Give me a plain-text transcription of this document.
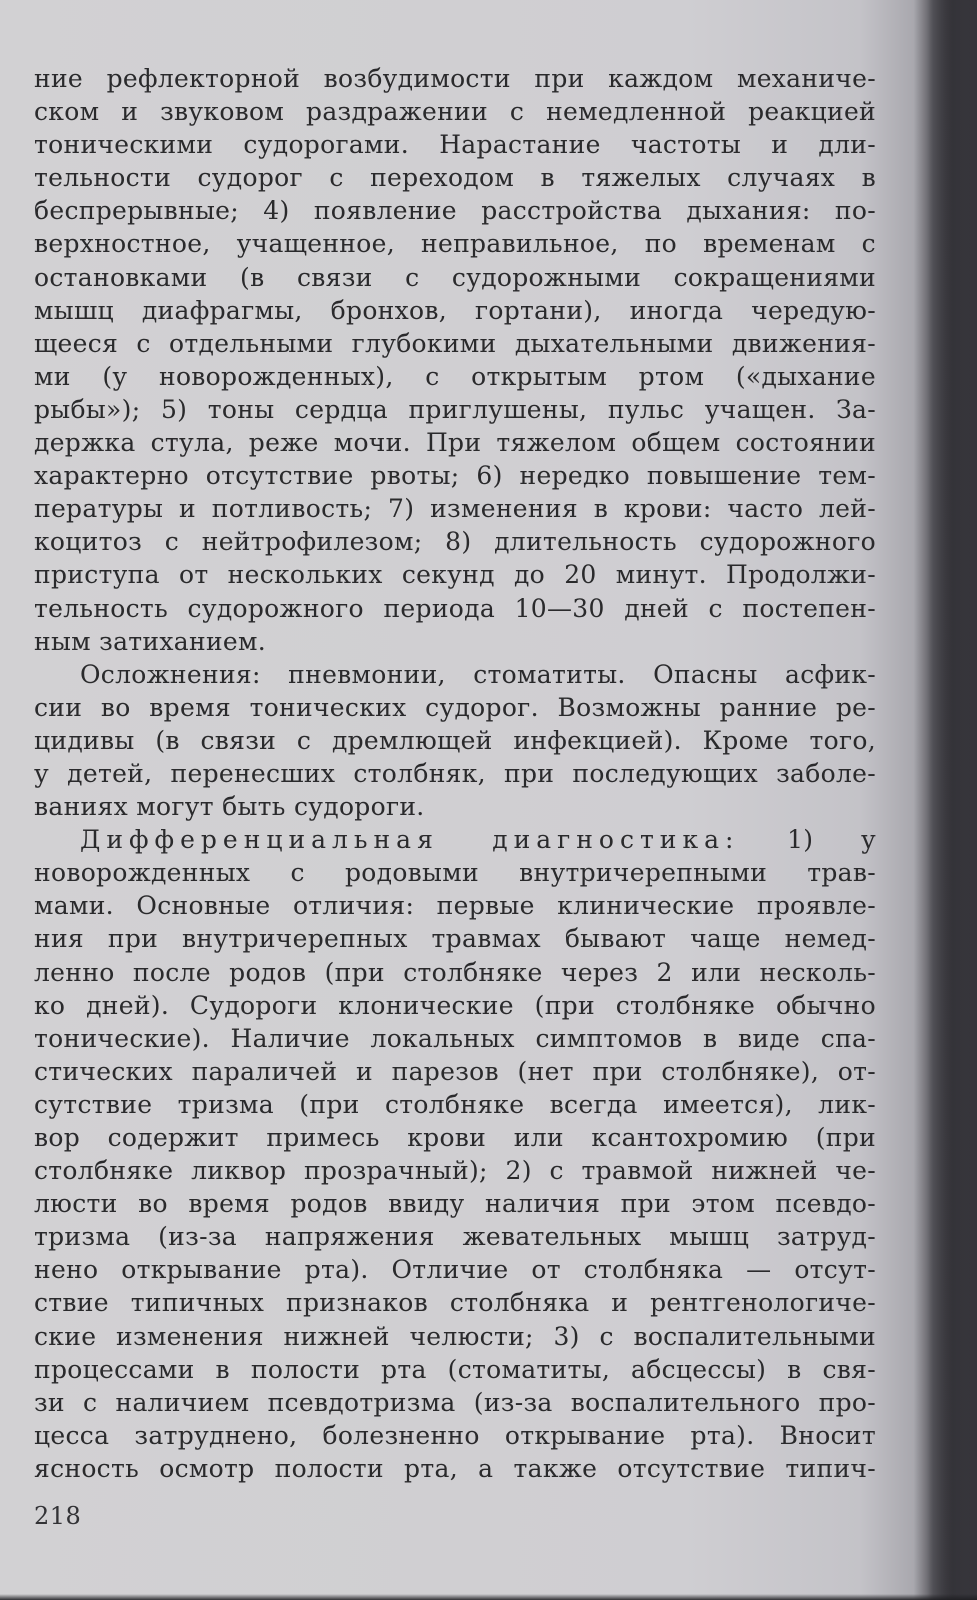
ние рефлекторной возбудимости при каждом механиче-
ском и звуковом раздражении с немедленной реакцией
тоническими судорогами. Нарастание частоты и дли-
тельности судорог с переходом в тяжелых случаях в
беспрерывные; 4) появление расстройства дыхания: по-
верхностное, учащенное, неправильное, по временам с
остановками (в связи с судорожными сокращениями
мышц диафрагмы, бронхов, гортани), иногда чередую-
щееся с отдельными глубокими дыхательными движения-
ми (у новорожденных), с открытым ртом («дыхание
рыбы»); 5) тоны сердца приглушены, пульс учащен. За-
держка стула, реже мочи. При тяжелом общем состоянии
характерно отсутствие рвоты; 6) нередко повышение тем-
пературы и потливость; 7) изменения в крови: часто лей-
коцитоз с нейтрофилезом; 8) длительность судорожного
приступа от нескольких секунд до 20 минут. Продолжи-
тельность судорожного периода 10—30 дней с постепен-
ным затиханием.
Осложнения: пневмонии, стоматиты. Опасны асфик-
сии во время тонических судорог. Возможны ранние ре-
цидивы (в связи с дремлющей инфекцией). Кроме того,
у детей, перенесших столбняк, при последующих заболе-
ваниях могут быть судороги.
Дифференциальная диагностика: 1) у
новорожденных с родовыми внутричерепными трав-
мами. Основные отличия: первые клинические проявле-
ния при внутричерепных травмах бывают чаще немед-
ленно после родов (при столбняке через 2 или несколь-
ко дней). Судороги клонические (при столбняке обычно
тонические). Наличие локальных симптомов в виде спа-
стических параличей и парезов (нет при столбняке), от-
сутствие тризма (при столбняке всегда имеется), лик-
вор содержит примесь крови или ксантохромию (при
столбняке ликвор прозрачный); 2) с травмой нижней че-
люсти во время родов ввиду наличия при этом псевдо-
тризма (из-за напряжения жевательных мышц затруд-
нено открывание рта). Отличие от столбняка — отсут-
ствие типичных признаков столбняка и рентгенологиче-
ские изменения нижней челюсти; 3) с воспалительными
процессами в полости рта (стоматиты, абсцессы) в свя-
зи с наличием псевдотризма (из-за воспалительного про-
цесса затруднено, болезненно открывание рта). Вносит
ясность осмотр полости рта, а также отсутствие типич-
218
